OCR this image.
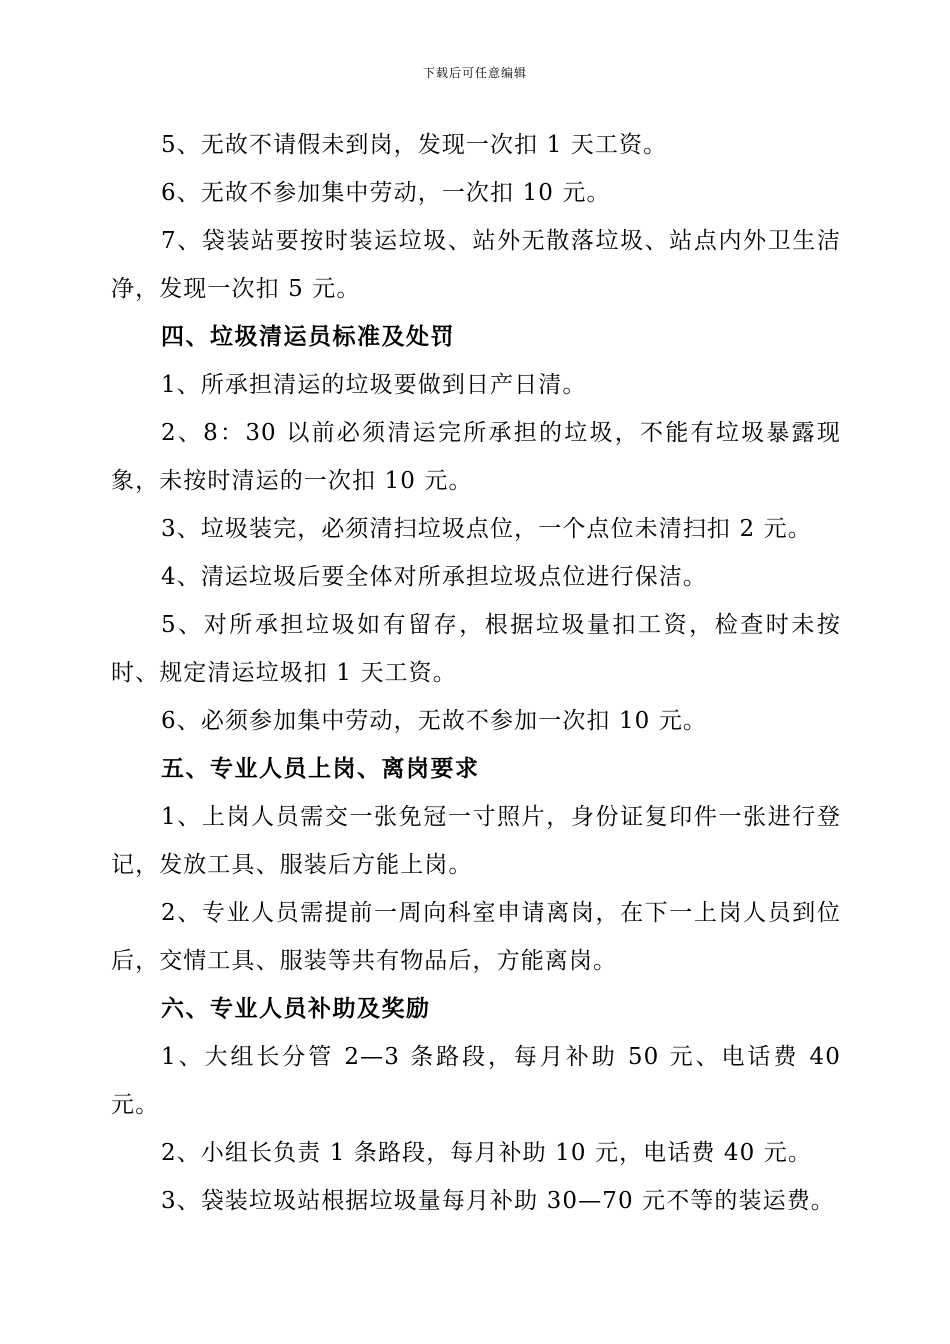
下载后可任意编辑

5、无故不请假未到岗，发现一次扣 1 天工资。

6、无故不参加集中劳动，一次扣 10 元。

7、袋装站要按时装运垃圾、站外无散落垃圾、站点内外卫生洁净，发现一次扣 5 元。

四、垃圾清运员标准及处罚

1、所承担清运的垃圾要做到日产日清。

2、8：30 以前必须清运完所承担的垃圾，不能有垃圾暴露现象，未按时清运的一次扣 10 元。

3、垃圾装完，必须清扫垃圾点位，一个点位未清扫扣 2 元。

4、清运垃圾后要全体对所承担垃圾点位进行保洁。

5、对所承担垃圾如有留存，根据垃圾量扣工资，检查时未按时、规定清运垃圾扣 1 天工资。

6、必须参加集中劳动，无故不参加一次扣 10 元。

五、专业人员上岗、离岗要求

1、上岗人员需交一张免冠一寸照片，身份证复印件一张进行登记，发放工具、服装后方能上岗。

2、专业人员需提前一周向科室申请离岗，在下一上岗人员到位后，交情工具、服装等共有物品后，方能离岗。

六、专业人员补助及奖励

1、大组长分管 2—3 条路段，每月补助 50 元、电话费 40 元。

2、小组长负责 1 条路段，每月补助 10 元，电话费 40 元。

3、袋装垃圾站根据垃圾量每月补助 30—70 元不等的装运费。
